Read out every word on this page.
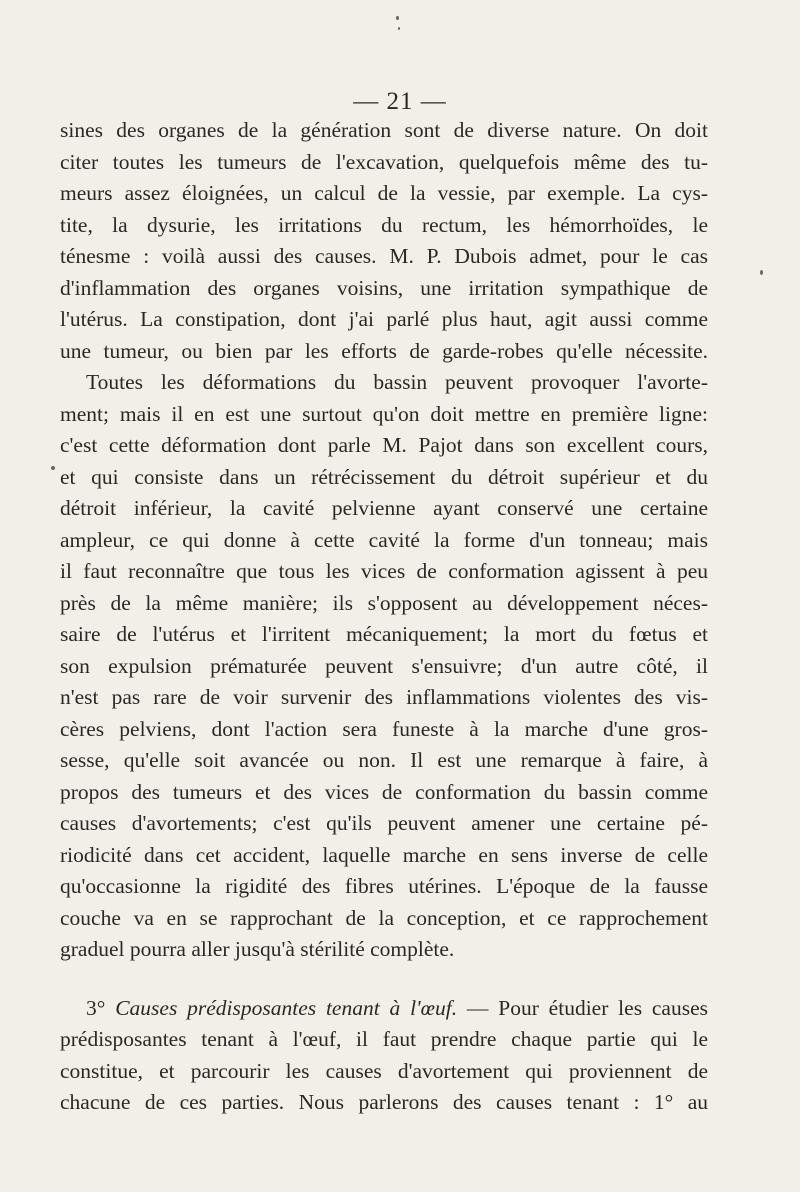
— 21 —
sines des organes de la génération sont de diverse nature. On doit
citer toutes les tumeurs de l'excavation, quelquefois même des tu-
meurs assez éloignées, un calcul de la vessie, par exemple. La cys-
tite, la dysurie, les irritations du rectum, les hémorrhoïdes, le
ténesme : voilà aussi des causes. M. P. Dubois admet, pour le cas
d'inflammation des organes voisins, une irritation sympathique de
l'utérus. La constipation, dont j'ai parlé plus haut, agit aussi comme
une tumeur, ou bien par les efforts de garde-robes qu'elle nécessite.
Toutes les déformations du bassin peuvent provoquer l'avorte-
ment; mais il en est une surtout qu'on doit mettre en première ligne:
c'est cette déformation dont parle M. Pajot dans son excellent cours,
et qui consiste dans un rétrécissement du détroit supérieur et du
détroit inférieur, la cavité pelvienne ayant conservé une certaine
ampleur, ce qui donne à cette cavité la forme d'un tonneau; mais
il faut reconnaître que tous les vices de conformation agissent à peu
près de la même manière; ils s'opposent au développement néces-
saire de l'utérus et l'irritent mécaniquement; la mort du fœtus et
son expulsion prématurée peuvent s'ensuivre; d'un autre côté, il
n'est pas rare de voir survenir des inflammations violentes des vis-
cères pelviens, dont l'action sera funeste à la marche d'une gros-
sesse, qu'elle soit avancée ou non. Il est une remarque à faire, à
propos des tumeurs et des vices de conformation du bassin comme
causes d'avortements; c'est qu'ils peuvent amener une certaine pé-
riodicité dans cet accident, laquelle marche en sens inverse de celle
qu'occasionne la rigidité des fibres utérines. L'époque de la fausse
couche va en se rapprochant de la conception, et ce rapprochement
graduel pourra aller jusqu'à stérilité complète.
3° Causes prédisposantes tenant à l'œuf. — Pour étudier les causes
prédisposantes tenant à l'œuf, il faut prendre chaque partie qui le
constitue, et parcourir les causes d'avortement qui proviennent de
chacune de ces parties. Nous parlerons des causes tenant : 1° au
